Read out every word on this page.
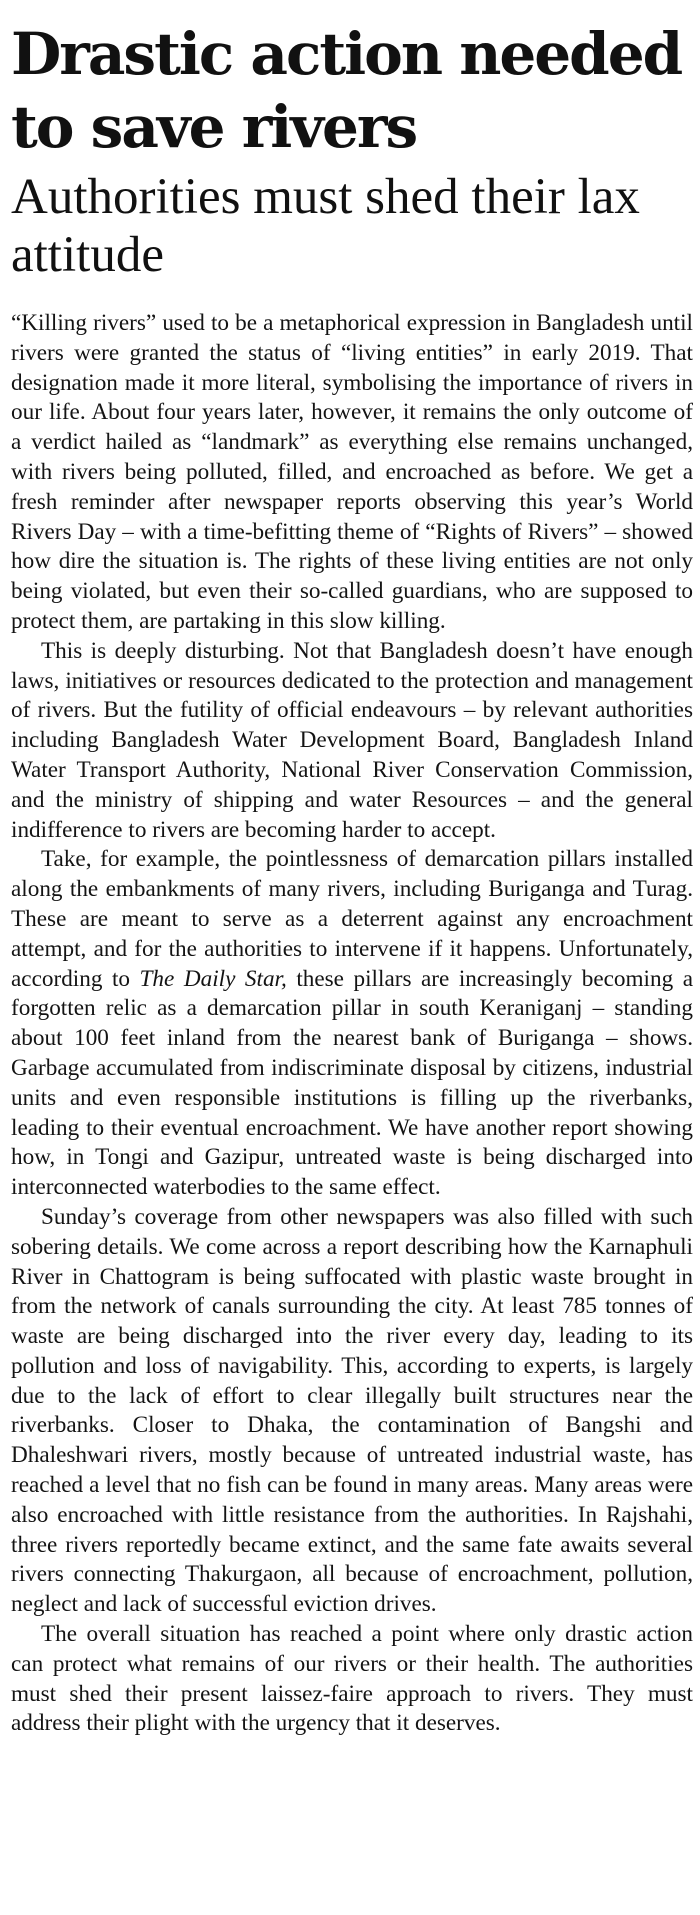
Drastic action needed to save rivers
Authorities must shed their lax attitude

“Killing rivers” used to be a metaphorical expression in Bangladesh until rivers were granted the status of “living entities” in early 2019. That designation made it more literal, symbolising the importance of rivers in our life. About four years later, however, it remains the only outcome of a verdict hailed as “landmark” as everything else remains unchanged, with rivers being polluted, filled, and encroached as before. We get a fresh reminder after newspaper reports observing this year’s World Rivers Day – with a time-befitting theme of “Rights of Rivers” – showed how dire the situation is. The rights of these living entities are not only being violated, but even their so-called guardians, who are supposed to protect them, are partaking in this slow killing.

This is deeply disturbing. Not that Bangladesh doesn’t have enough laws, initiatives or resources dedicated to the protection and management of rivers. But the futility of official endeavours – by relevant authorities including Bangladesh Water Development Board, Bangladesh Inland Water Transport Authority, National River Conservation Commission, and the ministry of shipping and water Resources – and the general indifference to rivers are becoming harder to accept.

Take, for example, the pointlessness of demarcation pillars installed along the embankments of many rivers, including Buriganga and Turag. These are meant to serve as a deterrent against any encroachment attempt, and for the authorities to intervene if it happens. Unfortunately, according to The Daily Star, these pillars are increasingly becoming a forgotten relic as a demarcation pillar in south Keraniganj – standing about 100 feet inland from the nearest bank of Buriganga – shows. Garbage accumulated from indiscriminate disposal by citizens, industrial units and even responsible institutions is filling up the riverbanks, leading to their eventual encroachment. We have another report showing how, in Tongi and Gazipur, untreated waste is being discharged into interconnected waterbodies to the same effect.

Sunday’s coverage from other newspapers was also filled with such sobering details. We come across a report describing how the Karnaphuli River in Chattogram is being suffocated with plastic waste brought in from the network of canals surrounding the city. At least 785 tonnes of waste are being discharged into the river every day, leading to its pollution and loss of navigability. This, according to experts, is largely due to the lack of effort to clear illegally built structures near the riverbanks. Closer to Dhaka, the contamination of Bangshi and Dhaleshwari rivers, mostly because of untreated industrial waste, has reached a level that no fish can be found in many areas. Many areas were also encroached with little resistance from the authorities. In Rajshahi, three rivers reportedly became extinct, and the same fate awaits several rivers connecting Thakurgaon, all because of encroachment, pollution, neglect and lack of successful eviction drives.

The overall situation has reached a point where only drastic action can protect what remains of our rivers or their health. The authorities must shed their present laissez-faire approach to rivers. They must address their plight with the urgency that it deserves.
